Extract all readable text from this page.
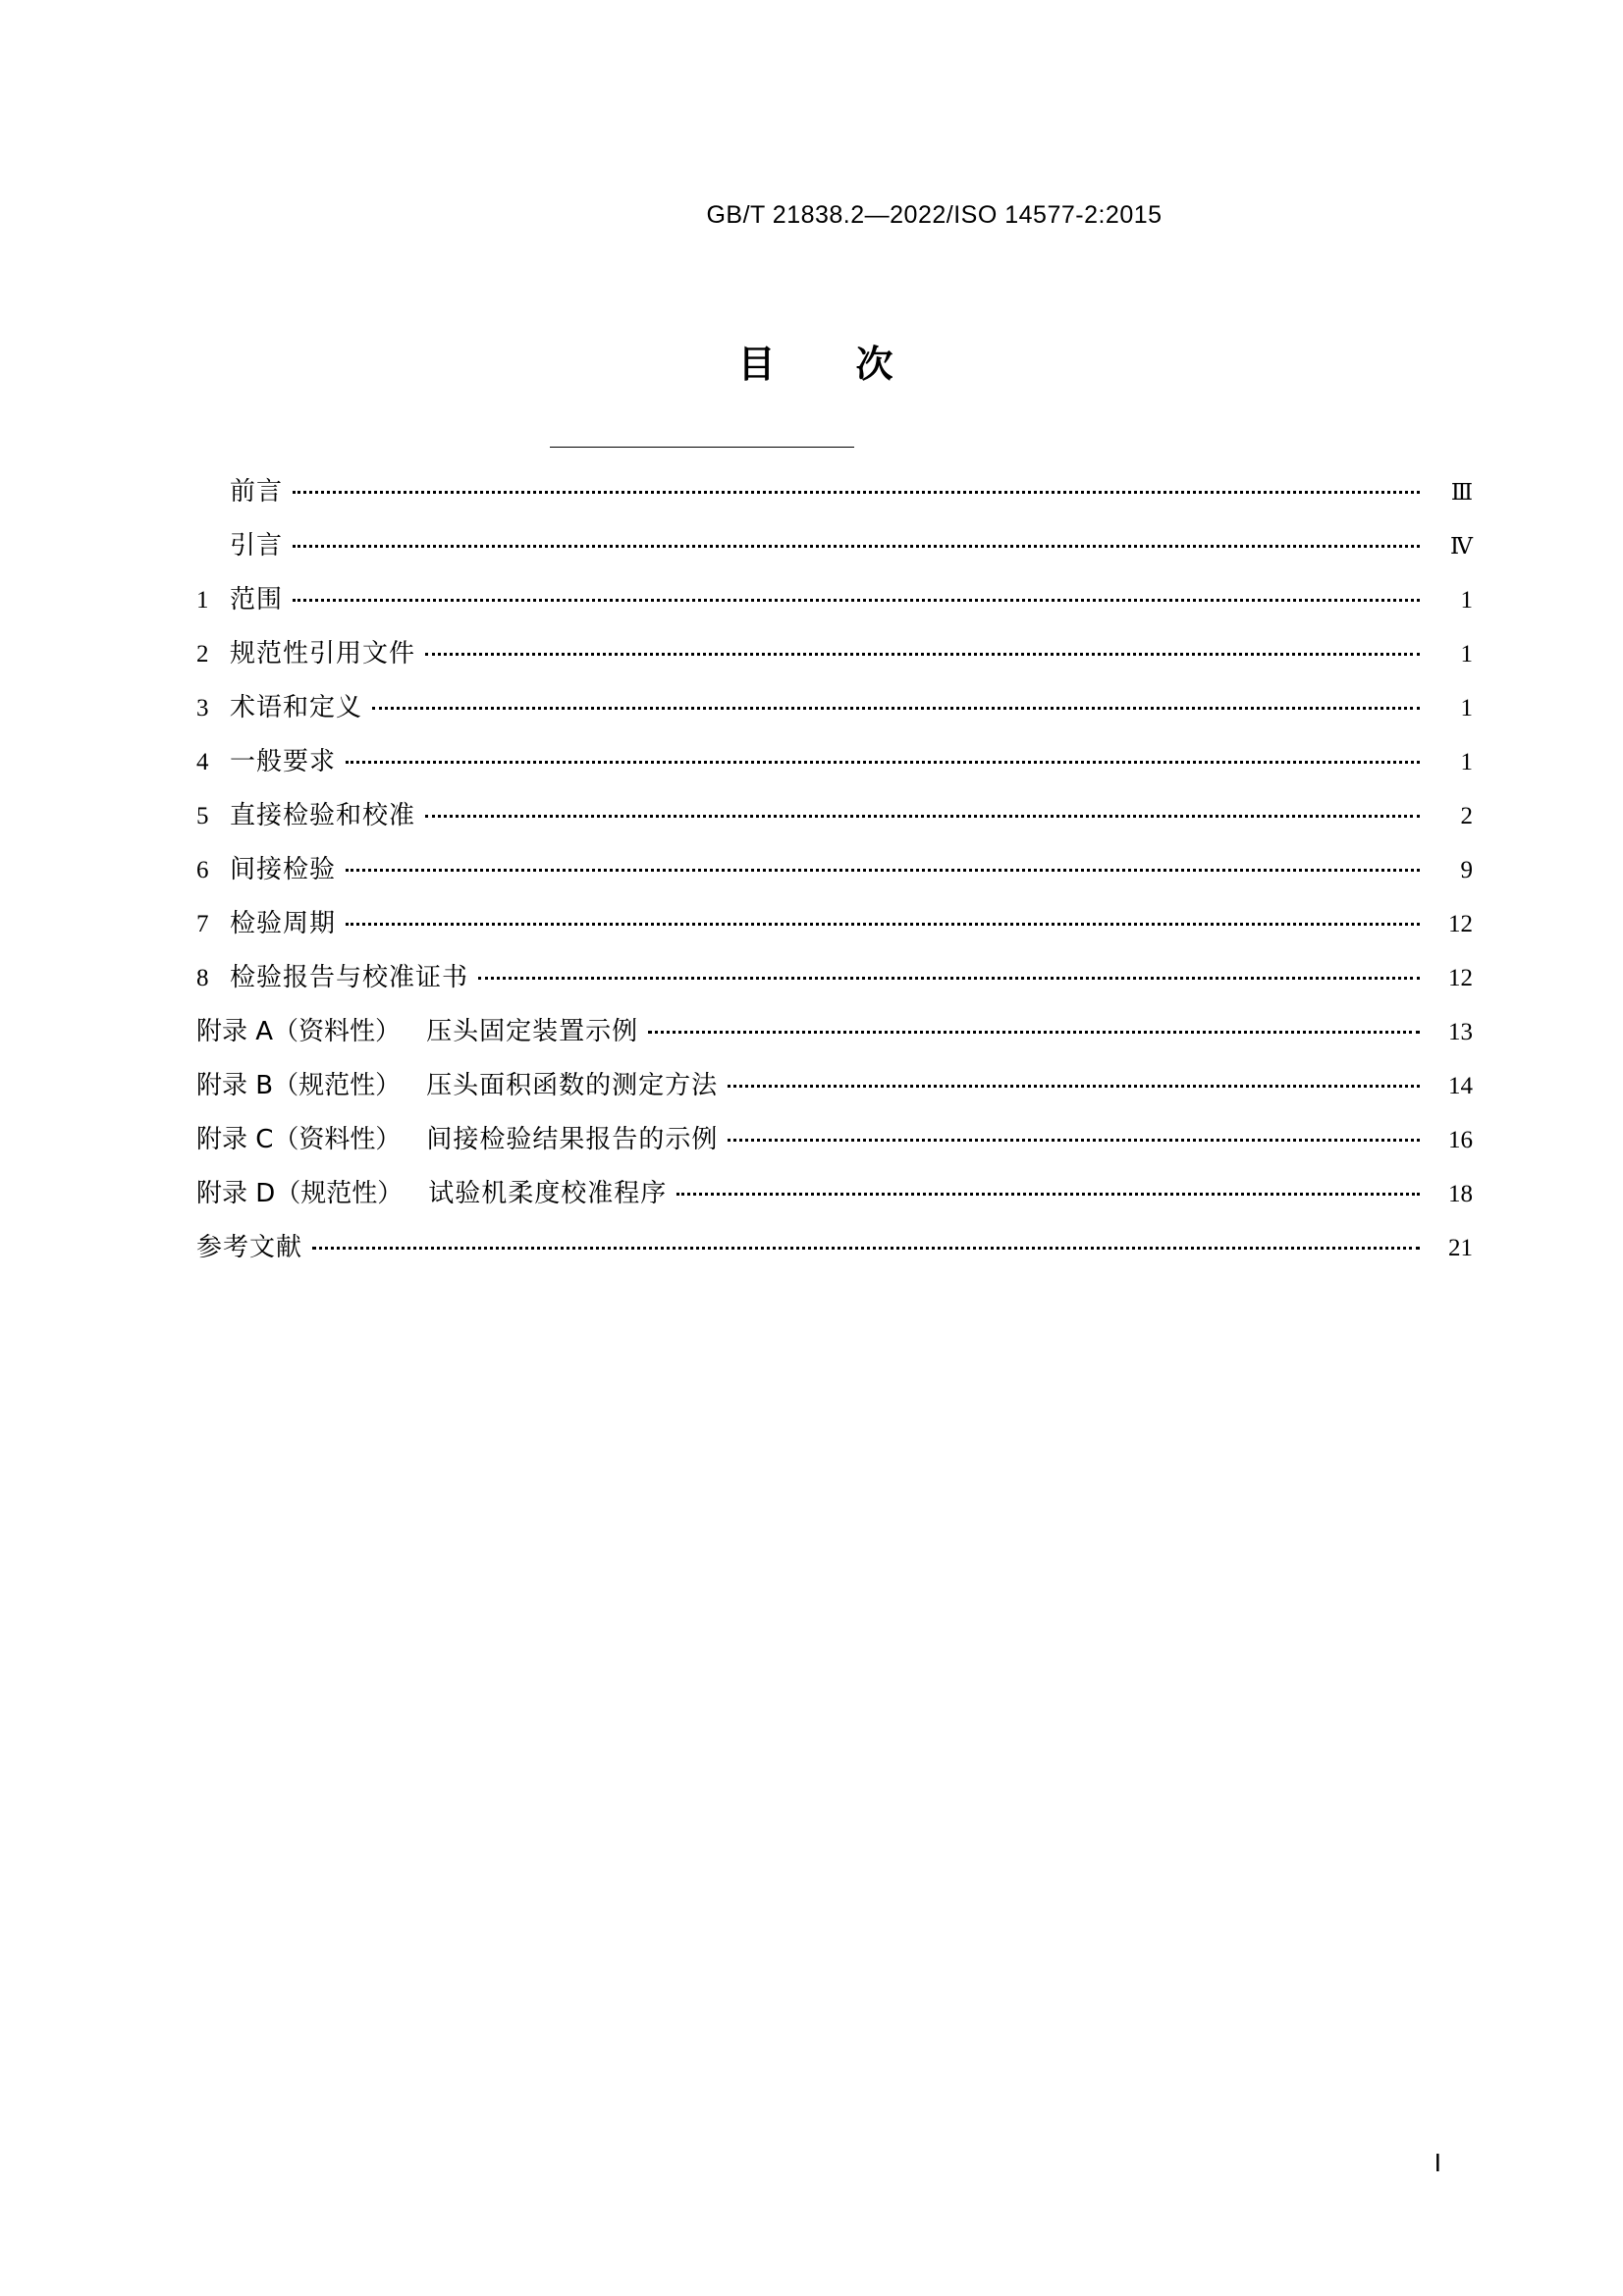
GB/T 21838.2—2022/ISO 14577-2:2015
目　次
前言	Ⅲ
引言	Ⅳ
1 范围	1
2 规范性引用文件	1
3 术语和定义	1
4 一般要求	1
5 直接检验和校准	2
6 间接检验	9
7 检验周期	12
8 检验报告与校准证书	12
附录 A（资料性） 压头固定装置示例	13
附录 B（规范性） 压头面积函数的测定方法	14
附录 C（资料性） 间接检验结果报告的示例	16
附录 D（规范性） 试验机柔度校准程序	18
参考文献	21
Ⅰ
